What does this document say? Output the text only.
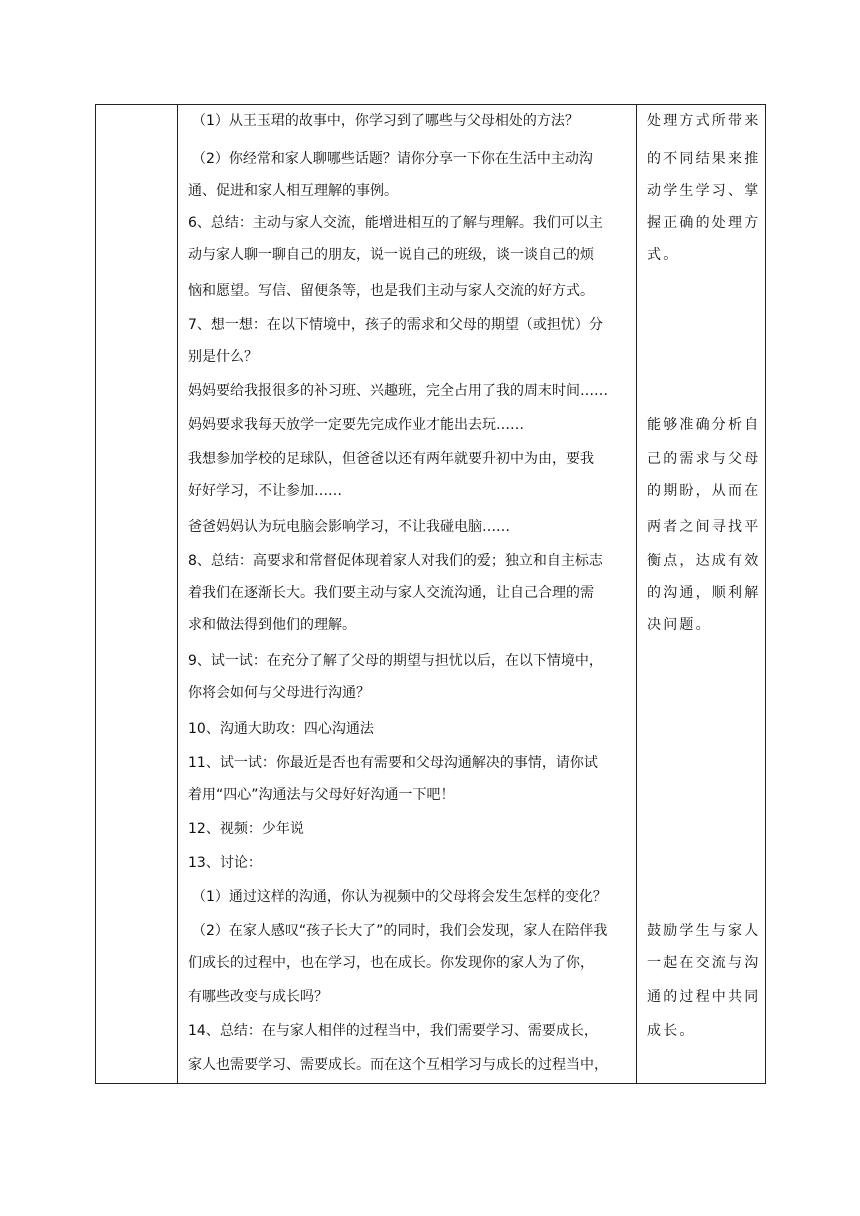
（1）从王玉珺的故事中，你学习到了哪些与父母相处的方法？
（2）你经常和家人聊哪些话题？请你分享一下你在生活中主动沟
通、促进和家人相互理解的事例。
6、总结：主动与家人交流，能增进相互的了解与理解。我们可以主
动与家人聊一聊自己的朋友，说一说自己的班级，谈一谈自己的烦
恼和愿望。写信、留便条等，也是我们主动与家人交流的好方式。
7、想一想：在以下情境中，孩子的需求和父母的期望（或担忧）分
别是什么？
妈妈要给我报很多的补习班、兴趣班，完全占用了我的周末时间……
妈妈要求我每天放学一定要先完成作业才能出去玩……
我想参加学校的足球队，但爸爸以还有两年就要升初中为由，要我
好好学习，不让参加……
爸爸妈妈认为玩电脑会影响学习，不让我碰电脑……
8、总结：高要求和常督促体现着家人对我们的爱；独立和自主标志
着我们在逐渐长大。我们要主动与家人交流沟通，让自己合理的需
求和做法得到他们的理解。
9、试一试：在充分了解了父母的期望与担忧以后，在以下情境中，
你将会如何与父母进行沟通？
10、沟通大助攻：四心沟通法
11、试一试：你最近是否也有需要和父母沟通解决的事情，请你试
着用“四心”沟通法与父母好好沟通一下吧！
12、视频：少年说
13、讨论：
（1）通过这样的沟通，你认为视频中的父母将会发生怎样的变化？
（2）在家人感叹“孩子长大了”的同时，我们会发现，家人在陪伴我
们成长的过程中，也在学习，也在成长。你发现你的家人为了你，
有哪些改变与成长吗？
14、总结：在与家人相伴的过程当中，我们需要学习、需要成长，
家人也需要学习、需要成长。而在这个互相学习与成长的过程当中，
处理方式所带来
的不同结果来推
动学生学习、掌
握正确的处理方
式。
能够准确分析自
己的需求与父母
的期盼，从而在
两者之间寻找平
衡点，达成有效
的沟通，顺利解
决问题。
鼓励学生与家人
一起在交流与沟
通的过程中共同
成长。
